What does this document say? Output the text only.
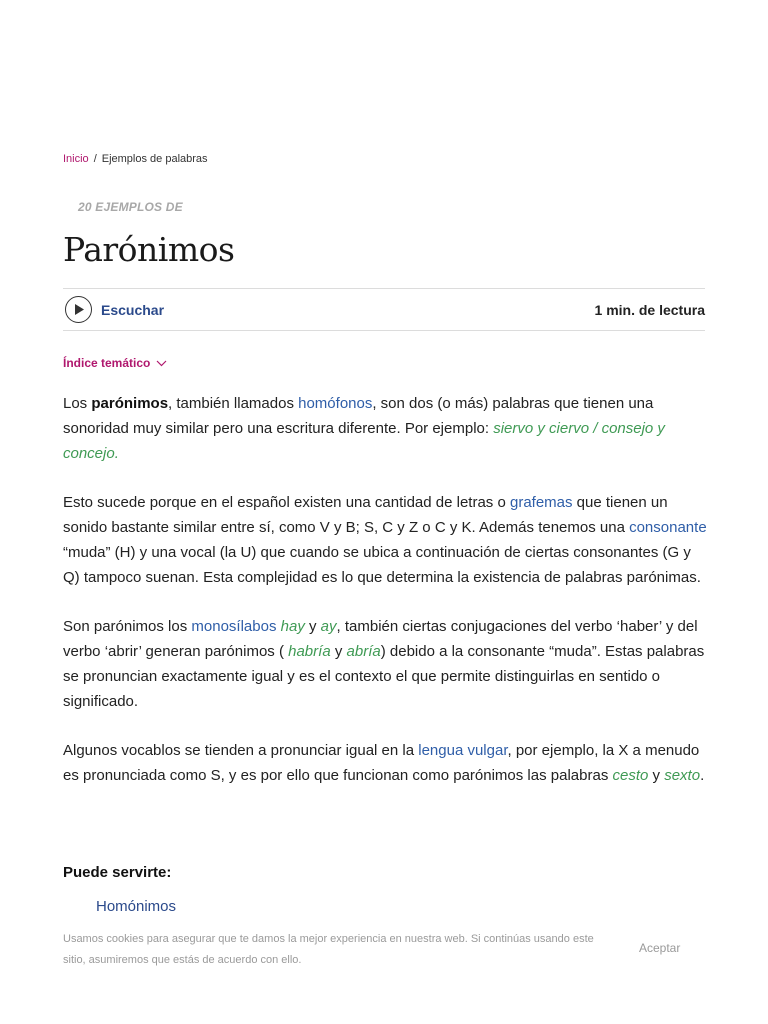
Inicio / Ejemplos de palabras
20 EJEMPLOS DE
Parónimos
Escuchar	1 min. de lectura
Índice temático

Los parónimos, también llamados homófonos, son dos (o más) palabras que tienen una sonoridad muy similar pero una escritura diferente. Por ejemplo: siervo y ciervo / consejo y concejo.

Esto sucede porque en el español existen una cantidad de letras o grafemas que tienen un sonido bastante similar entre sí, como V y B; S, C y Z o C y K. Además tenemos una consonante “muda” (H) y una vocal (la U) que cuando se ubica a continuación de ciertas consonantes (G y Q) tampoco suenan. Esta complejidad es lo que determina la existencia de palabras parónimas.

Son parónimos los monosílabos hay y ay, también ciertas conjugaciones del verbo ‘haber’ y del verbo ‘abrir’ generan parónimos ( habría y abría) debido a la consonante “muda”. Estas palabras se pronuncian exactamente igual y es el contexto el que permite distinguirlas en sentido o significado.

Algunos vocablos se tienden a pronunciar igual en la lengua vulgar, por ejemplo, la X a menudo es pronunciada como S, y es por ello que funcionan como parónimos las palabras cesto y sexto.

Puede servirte:
Homónimos
Usamos cookies para asegurar que te damos la mejor experiencia en nuestra web. Si continúas usando este sitio, asumiremos que estás de acuerdo con ello.
Aceptar
